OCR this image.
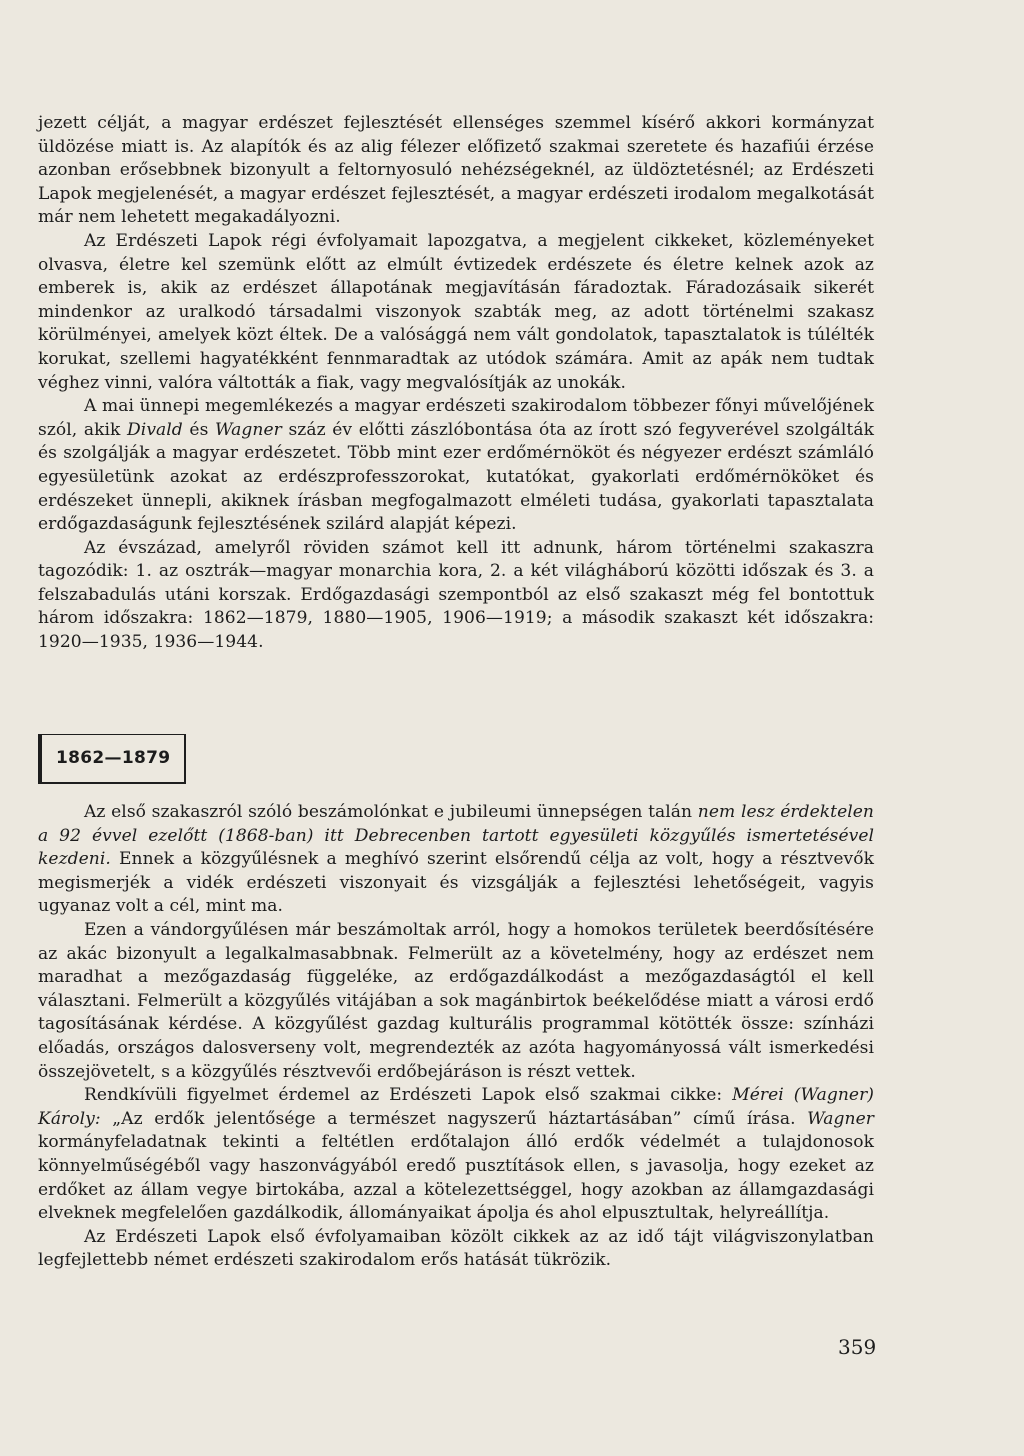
jezett célját, a magyar erdészet fejlesztését ellenséges szemmel kísérő akkori kormányzat üldözése miatt is. Az alapítók és az alig félezer előfizető szakmai szeretete és hazafiúi érzése azonban erősebbnek bizonyult a feltornyosuló nehézségeknél, az üldöztetésnél; az Erdészeti Lapok megjelenését, a magyar erdészet fejlesztését, a magyar erdészeti irodalom megalkotását már nem lehetett megakadályozni.

Az Erdészeti Lapok régi évfolyamait lapozgatva, a megjelent cikkeket, közleményeket olvasva, életre kel szemünk előtt az elmúlt évtizedek erdészete és életre kelnek azok az emberek is, akik az erdészet állapotának megjavításán fáradoztak. Fáradozásaik sikerét mindenkor az uralkodó társadalmi viszonyok szabták meg, az adott történelmi szakasz körülményei, amelyek közt éltek. De a valósággá nem vált gondolatok, tapasztalatok is túlélték korukat, szellemi hagyatékként fennmaradtak az utódok számára. Amit az apák nem tudtak véghez vinni, valóra váltották a fiak, vagy megvalósítják az unokák.

A mai ünnepi megemlékezés a magyar erdészeti szakirodalom többezer főnyi művelőjének szól, akik Divald és Wagner száz év előtti zászlóbontása óta az írott szó fegyverével szolgálták és szolgálják a magyar erdészetet. Több mint ezer erdőmérnököt és négyezer erdészt számláló egyesületünk azokat az erdészprofesszorokat, kutatókat, gyakorlati erdőmérnököket és erdészeket ünnepli, akiknek írásban megfogalmazott elméleti tudása, gyakorlati tapasztalata erdőgazdaságunk fejlesztésének szilárd alapját képezi.

Az évszázad, amelyről röviden számot kell itt adnunk, három történelmi szakaszra tagozódik: 1. az osztrák—magyar monarchia kora, 2. a két világháború közötti időszak és 3. a felszabadulás utáni korszak. Erdőgazdasági szempontból az első szakaszt még fel bontottuk három időszakra: 1862—1879, 1880—1905, 1906—1919; a második szakaszt két időszakra: 1920—1935, 1936—1944.

1862—1879

Az első szakaszról szóló beszámolónkat e jubileumi ünnepségen talán nem lesz érdektelen a 92 évvel ezelőtt (1868-ban) itt Debrecenben tartott egyesületi közgyűlés ismertetésével kezdeni. Ennek a közgyűlésnek a meghívó szerint elsőrendű célja az volt, hogy a résztvevők megismerjék a vidék erdészeti viszonyait és vizsgálják a fejlesztési lehetőségeit, vagyis ugyanaz volt a cél, mint ma.

Ezen a vándorgyűlésen már beszámoltak arról, hogy a homokos területek beerdősítésére az akác bizonyult a legalkalmasabbnak. Felmerült az a követelmény, hogy az erdészet nem maradhat a mezőgazdaság függeléke, az erdőgazdálkodást a mezőgazdaságtól el kell választani. Felmerült a közgyűlés vitájában a sok magánbirtok beékelődése miatt a városi erdő tagosításának kérdése. A közgyűlést gazdag kulturális programmal kötötték össze: színházi előadás, országos dalosverseny volt, megrendezték az azóta hagyományossá vált ismerkedési összejövetelt, s a közgyűlés résztvevői erdőbejáráson is részt vettek.

Rendkívüli figyelmet érdemel az Erdészeti Lapok első szakmai cikke: Mérei (Wagner) Károly: „Az erdők jelentősége a természet nagyszerű háztartásában” című írása. Wagner kormányfeladatnak tekinti a feltétlen erdőtalajon álló erdők védelmét a tulajdonosok könnyelműségéből vagy haszonvágyából eredő pusztítások ellen, s javasolja, hogy ezeket az erdőket az állam vegye birtokába, azzal a kötelezettséggel, hogy azokban az államgazdasági elveknek megfelelően gazdálkodik, állományaikat ápolja és ahol elpusztultak, helyreállítja.

Az Erdészeti Lapok első évfolyamaiban közölt cikkek az az idő tájt világviszonylatban legfejlettebb német erdészeti szakirodalom erős hatását tükrözik.

359
